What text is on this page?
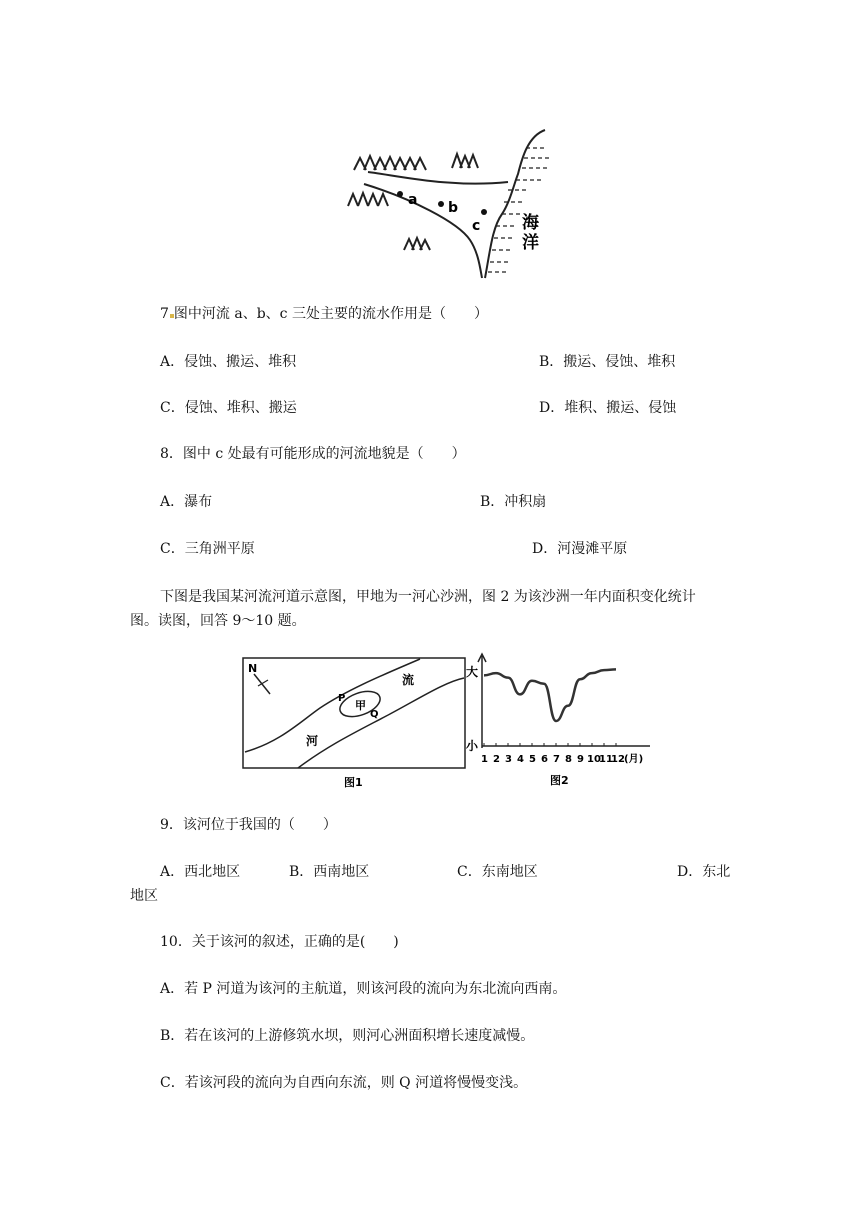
a b
c 海
洋
7 图中河流 a、b、c 三处主要的流水作用是（　　）
A．侵蚀、搬运、堆积	B．搬运、侵蚀、堆积
C．侵蚀、堆积、搬运	D．堆积、搬运、侵蚀
8．图中 c 处最有可能形成的河流地貌是（　　）
A．瀑布	B．冲积扇
C．三角洲平原	D．河漫滩平原
下图是我国某河流河道示意图，甲地为一河心沙洲，图 2 为该沙洲一年内面积变化统计
图。读图，回答 9～10 题。
N
P
甲
Q
流
河
图1
大
小
1 2 3 4 5 6 7 8 9 10
11
12 (月)
图2
9．该河位于我国的（　　）
A．西北地区	B．西南地区	C．东南地区	D．东北
地区
10．关于该河的叙述，正确的是(　　)
A．若 P 河道为该河的主航道，则该河段的流向为东北流向西南。
B．若在该河的上游修筑水坝，则河心洲面积增长速度减慢。
C．若该河段的流向为自西向东流，则 Q 河道将慢慢变浅。
